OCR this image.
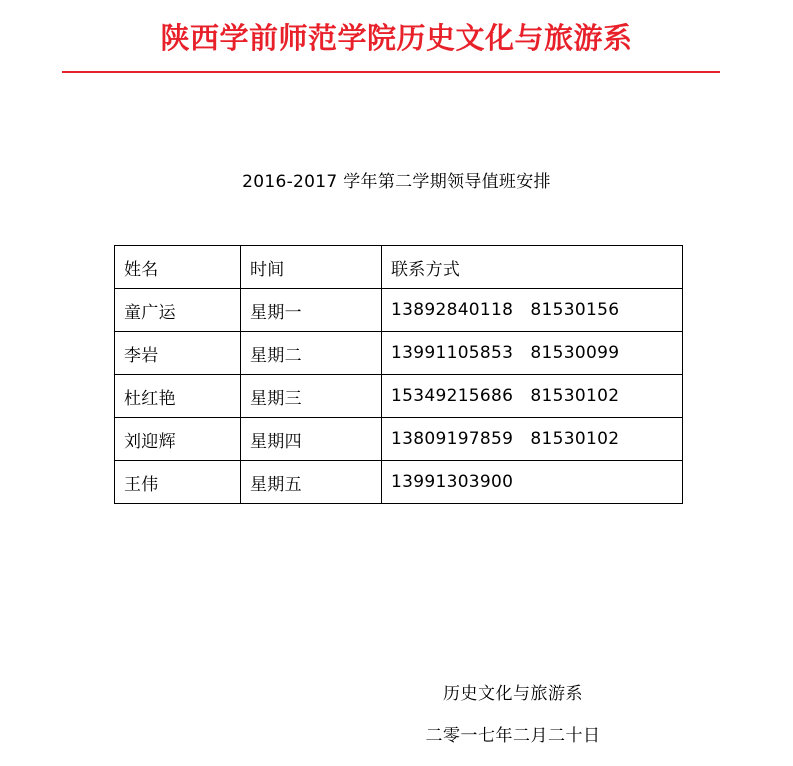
陕西学前师范学院历史文化与旅游系
2016-2017 学年第二学期领导值班安排
姓名	时间	联系方式
童广运	星期一	13892840118   81530156
李岩	星期二	13991105853   81530099
杜红艳	星期三	15349215686   81530102
刘迎辉	星期四	13809197859   81530102
王伟	星期五	13991303900
历史文化与旅游系
二零一七年二月二十日
